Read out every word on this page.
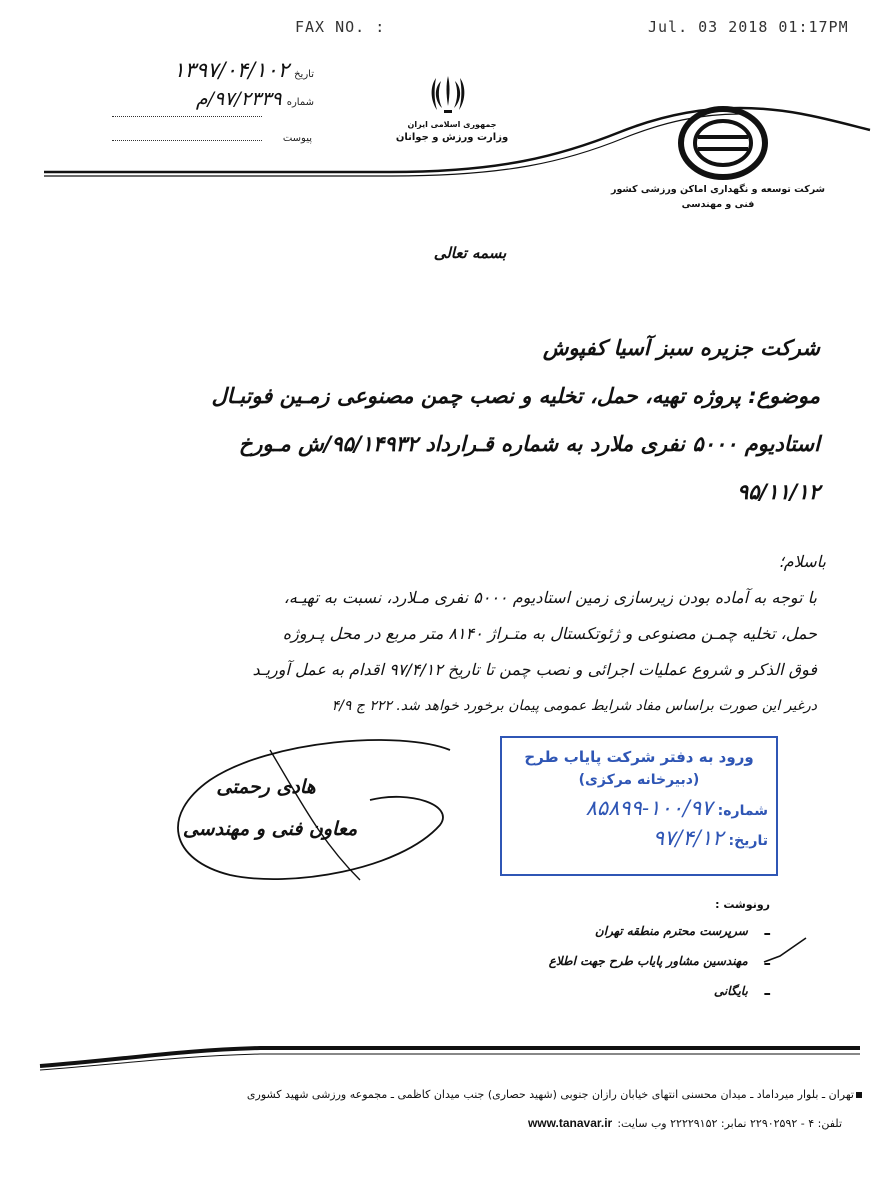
FAX NO. :	Jul. 03 2018 01:17PM
تاریخ ۱۳۹۷/۰۴/۱۰۲
شماره ۹۷/۲۳۳۹/م
پیوست
جمهوری اسلامی ایران
وزارت ورزش و جوانان
شرکت توسعه و نگهداری اماکن ورزشی کشور
فنی و مهندسی
بسمه تعالی
شرکت جزیره سبز آسیا کفپوش
موضوع: پروژه تهیه، حمل، تخلیه و نصب چمن مصنوعی زمـین فوتبـال
استادیوم ۵۰۰۰ نفری ملارد به شماره قـرارداد ۹۵/۱۴۹۳۲/ش مـورخ
۹۵/۱۱/۱۲
باسلام؛
با توجه به آماده بودن زیرسازی زمین استادیوم ۵۰۰۰ نفری مـلارد، نسبت به تهیـه،
حمل، تخلیه چمـن مصنوعی و ژئوتکستال به متـراژ ۸۱۴۰ متر مربع در محل پـروژه
فوق الذکر و شروع عملیات اجرائی و نصب چمن تا تاریخ ۹۷/۴/۱۲ اقدام به عمل آوریـد
درغیر این صورت براساس مفاد شرایط عمومی پیمان برخورد خواهد شد. ۲۲۲ ج ۴/۹
هادی رحمتی
معاون فنی و مهندسی
ورود به دفتر شرکت پاياب طرح
(دبیرخانه مرکزی)
شماره: ۱۰۰/۹۷-۸۵۸۹۹
تاریخ: ۹۷/۴/۱۲
رونوشت :
ـ   سرپرست محترم منطقه تهران
ـ   مهندسین مشاور پاياب طرح جهت اطلاع
ـ   بایگانی
تهران ـ بلوار میرداماد ـ میدان محسنی انتهای خیابان رازان جنوبی (شهید حصاری) جنب میدان کاظمی ـ مجموعه ورزشی شهید کشوری
تلفن: ۴ - ۲۲۹۰۲۵۹۲ نمابر: ۲۲۲۲۹۱۵۲ وب سایت: www.tanavar.ir
